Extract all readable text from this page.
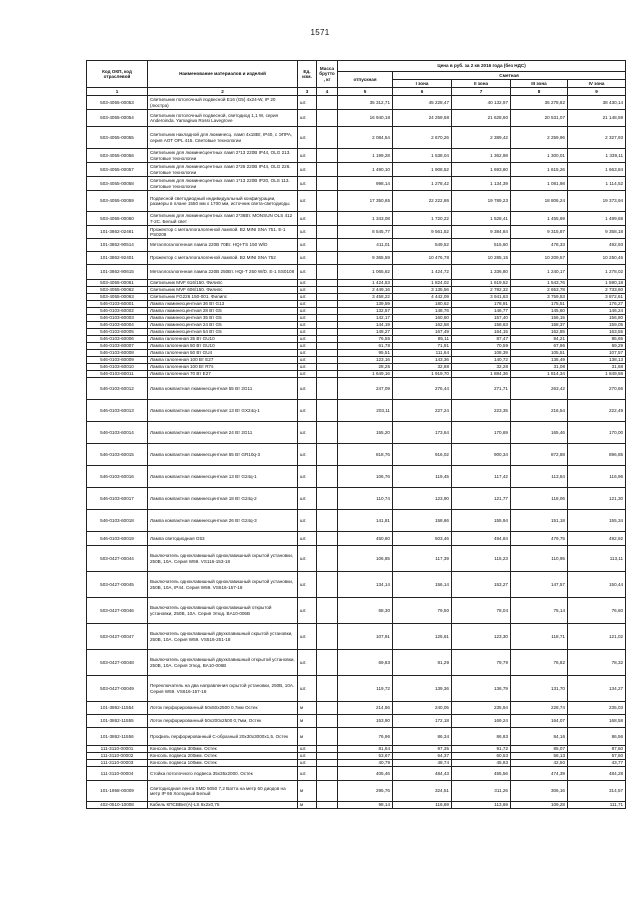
1571
Код ОКП, код отраслевой	Наименование материалов и изделий	Ед. изм.	Масса брутто, кг	Цена в руб. за 2 кв 2016 года (без НДС)				
				отпускная	Сметная			
					I зона	II зона	III зона	IV зона
1	2	3	4	5	6	7	8	9
503-4055-00053	Светильник потолочный подвесной Е16 (G5) 4х24-W, IP 20 (люстра)	шт.		35 312,71	45 228,47	40 132,97	35 278,82	38 430,14
503-4055-00054	Светильник потолочный подвесной, светодиод 1,1 W, серия Anderoinda. Yamagiwa Rossi Lavegrove	шт.		16 940,18	24 259,58	21 628,60	20 531,07	21 148,59
503-4055-00055	Светильник накладной для люминесц. ламп 4х18Вт, IP40, с ЭПРА, серия АОТ OPL 415. Световые технологии	шт.		2 084,54	2 670,26	2 389,42	2 259,96	2 327,93
503-4055-00056	Светильник для люминесцентных ламп 2*13 220В IP44, OLG 213. Световые технологии	шт.		1 199,28	1 538,04	1 362,98	1 300,01	1 339,11
503-4055-00057	Светильник для люминесцентных ламп 2*26 220В IP44, OLG 226. Световые технологии	шт.		1 490,10	1 908,52	1 693,80	1 615,26	1 663,84
503-4055-00058	Светильник для люминесцентных ламп 1*13 220В IP20, OLS 113. Световые технологии	шт.		998,14	1 278,42	1 134,39	1 081,98	1 114,52
503-4055-00059	Подвесной светодиодный индивидуальный конфигурации, размеры в плане 1550 мм х 1700 мм, источник света-светодиоды	шт.		17 350,65	22 222,86	19 789,23	18 806,24	19 373,94
503-4055-00060	Светильник для люминесцентных ламп 2*36Вт. MONSUN OLS 412 7-2C. Белый свет	шт.		1 343,08	1 720,22	1 528,41	1 455,69	1 499,68
101-3862-02461	Прожектор с металлогалогенной лампой. B2 MINI SNA 751. E-1 PS0208	шт.		8 545,77	9 561,52	9 384,84	9 315,87	9 358,18
101-3862-90514	Металлогалогенная лампа 220В 70Вт. HQI-TS 150 W/D	шт.		411,01	549,52	515,60	478,33	492,93
101-3862-92401	Прожектор с металлогалогенной лампой. B2 MINI SNA 752	шт.		9 365,59	10 476,78	10 285,15	10 209,57	10 250,46
101-3862-90615	Металлогалогенная лампа 220В 250Вт. HQI-T 250 W/D. E-1 SS0108	шт.		1 065,62	1 424,72	1 336,80	1 240,17	1 278,02
503-4055-00061	Светильник MVF 616/150. Филипс	шт.		1 424,53	1 824,02	1 619,52	1 543,76	1 590,18
503-4055-00062	Светильник MVF 606/150. Филипс	шт.		2 449,16	3 135,56	2 782,32	2 653,78	2 733,60
503-4055-00063	Светильник FG226 150-001. Филипс	шт.		3 458,22	4 442,09	3 941,63	3 759,53	3 872,61
546-0103-60001	Лампа люминесцентная 36 Вт G13	шт.		139,59	180,62	178,91	175,51	176,27
546-0103-60002	Лампа люминесцентная 28 Вт G5	шт.		132,57	148,76	146,77	145,60	146,24
546-0103-60003	Лампа люминесцентная 35 Вт G5	шт.		142,17	160,60	157,40	156,15	156,80
546-0103-60004	Лампа люминесцентная 24 Вт G5	шт.		144,19	162,58	158,63	158,37	159,05
546-0103-60005	Лампа люминесцентная 54 Вт G5	шт.		148,27	167,49	164,15	162,85	163,55
546-0103-60006	Лампа галогенная 35 Вт GU10	шт.		76,55	85,11	87,47	84,21	85,65
546-0103-60007	Лампа галогенная 50 Вт GU10	шт.		61,78	71,91	70,59	67,96	69,29
546-0103-60008	Лампа галогенная 50 Вт GU4	шт.		95,51	111,64	108,39	105,51	107,57
546-0103-60009	Лампа галогенная 100 Вт E27	шт.		123,16	143,36	140,72	135,49	138,13
546-0103-60010	Лампа галогенная 100 Вт R7s	шт.		28,25	32,88	32,28	31,08	31,68
546-0103-60011	Лампа галогенная 70 Вт E27	шт.		1 649,16	1 919,70	1 884,36	1 814,34	1 849,58
546-0103-60012	Лампа компактная люминесцентная 55 Вт 2G11	шт.		247,09	276,44	271,71	263,42	270,66
546-0103-60013	Лампа компактная люминесцентная 13 Вт GX24q-1	шт.		203,11	227,24	223,35	216,54	222,49
546-0103-60014	Лампа компактная люминесцентная 24 Вт 2G11	шт.		155,20	173,64	170,69	165,46	170,00
546-0103-60015	Лампа компактная люминесцентная 55 Вт GR10q-3	шт.		818,76	916,02	900,34	872,88	896,85
546-0103-60016	Лампа компактная люминесцентная 13 Вт G24q-1	шт.		106,76	119,45	117,42	113,84	116,96
546-0103-60017	Лампа компактная люминесцентная 18 Вт G24q-2	шт.		110,74	123,90	121,77	118,06	121,30
546-0103-60018	Лампа компактная люминесцентная 26 Вт G24q-3	шт.		141,81	158,66	155,94	151,18	155,34
546-0103-60019	Лампа светодиодная G53	шт.		450,60	503,46	494,84	479,75	492,92
503-0427-00044	Выключатель одноклавишный одноклавишный скрытой установки, 250В, 10А. Серия W59. VS116-153-18	шт.		106,85	117,39	115,23	110,95	113,11
503-0427-00045	Выключатель одноклавишный одноклавишный скрытой установки, 250В, 10А, IP44. Серия W59. VS616-157-18	шт.		134,14	156,14	153,27	147,57	150,44
503-0427-00046	Выключатель одноклавишный одноклавишный открытой установки, 250В, 10А. Серия Этюд. BA10-006В	шт.		68,30	79,50	78,04	75,14	76,60
503-0427-00047	Выключатель одноклавишный двухклавишный скрытой установки, 250В, 10А. Серия W59. VS516-251-18	шт.		107,91	125,61	123,30	118,71	121,02
503-0427-00048	Выключатель одноклавишный двухклавишный открытой установки, 250В, 10А. Серия Этюд. BA10-006В	шт.		69,83	81,29	79,79	76,82	78,32
503-0427-00049	Переключатель на два направления скрытой установки, 250В, 10А. Серия W59. VS616-157-18	шт.		119,72	139,36	136,79	131,70	134,27
101-3862-11554	Лоток перфорированный 50х50х2500 0,7мм Остек	м		214,56	240,05	235,94	228,74	235,03
101-3862-11555	Лоток перфорированный 50х200х2500 0,7мм, Остек	м		153,90	172,18	169,24	164,07	168,58
101-3862-11556	Профиль перфорированный С-образный 20х30х3000х1,5. Остек	м		76,96	86,34	86,83	84,16	86,56
111-3110-00001	Консоль подвеса 300мм. Остек	шт.		81,64	97,35	91,72	85,07	87,60
111-3110-00002	Консоль подвеса 200мм. Остек	шт.		53,67	64,37	60,53	56,13	57,60
111-3110-00003	Консоль подвеса 100мм. Остек	шт.		40,79	48,74	45,83	42,50	43,77
111-3110-00004	Стойка потолочного подвеса 35х35х2000. Остек	шт.		405,46	484,43	455,56	474,39	484,28
101-1958-00009	Светодиодная лента SMD 5050 7,2 Ватта на метр 60 диодов на метр IP 66 Холодный Белый	м		295,76	324,51	311,26	306,16	314,57
402-0510-10008	Кабель КПСВВнг(А)-LS 6х2х0,75	м		98,14	116,69	113,69	109,28	111,71
